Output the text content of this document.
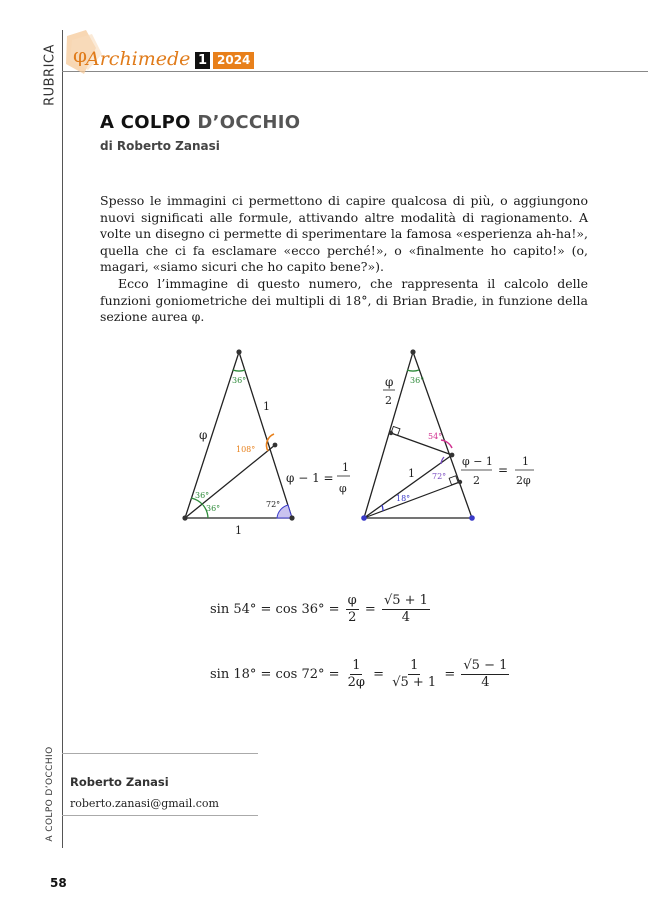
RUBRICA φ
Archimede 1 2024
A COLPO D’OCCHIO
di Roberto Zanasi

Spesso le immagini ci permettono di capire qualcosa di più, o aggiungono nuovi significati alle formule, attivando altre modalità di ragionamento. A volte un disegno ci permette di sperimentare la famosa «esperienza ah-ha!», quella che ci fa esclamare «ecco perché!», o «finalmente ho capito!» (o, magari, «siamo sicuri che ho capito bene?»).

Ecco l’immagine di questo numero, che rappresenta il calcolo delle funzioni goniometriche dei multipli di 18°, di Brian Bradie, in funzione della sezione aurea φ.

36°
108°
36°
36°	72°
φ
1
1
φ − 1 =
1
φ
36°
54°
72°
18°
φ
2
1
φ − 1
2
=
1
2φ
$\sin 54^\circ = \cos 36^\circ = \frac{\varphi}{2} = \frac{√5 + 1}{4}$
$\sin 18^\circ = \cos 72^\circ = \frac{1}{2\varphi} = \frac{1}{√5 + 1} = \frac{√5 - 1}{4}$
Roberto Zanasi
roberto.zanasi@gmail.com
A COLPO D’OCCHIO
58
